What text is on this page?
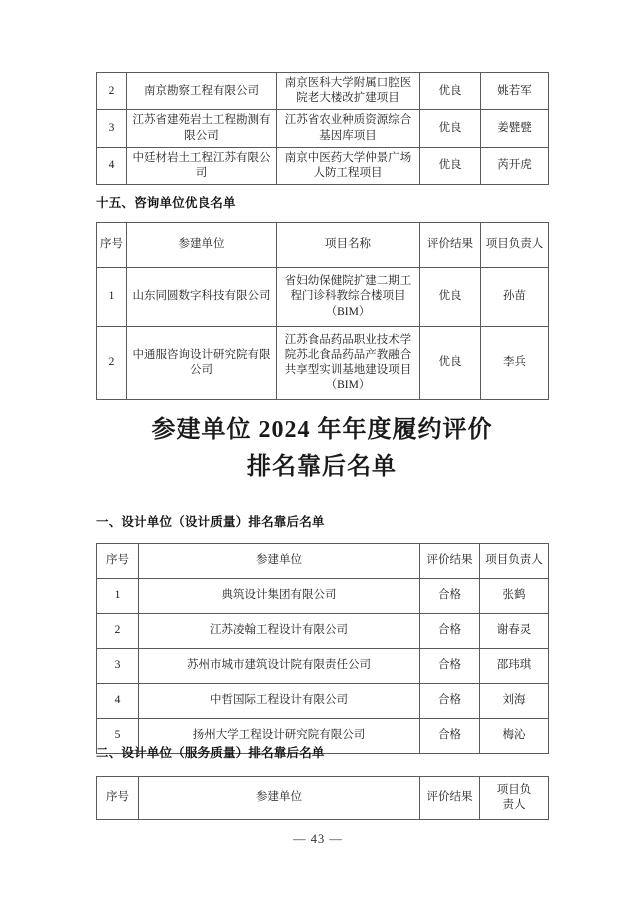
2	南京勘察工程有限公司	南京医科大学附属口腔医院老大楼改扩建项目	优良	姚若军
3	江苏省建苑岩土工程勘测有限公司	江苏省农业种质资源综合基因库项目	优良	姜甓甓
4	中廷材岩土工程江苏有限公司	南京中医药大学仲景广场人防工程项目	优良	芮开虎
十五、咨询单位优良名单
序号	参建单位	项目名称	评价结果	项目负责人
1	山东同圆数字科技有限公司	省妇幼保健院扩建二期工程门诊科教综合楼项目（BIM）	优良	孙苗
2	中通服咨询设计研究院有限公司	江苏食品药品职业技术学院苏北食品药品产教融合共享型实训基地建设项目（BIM）	优良	李兵
参建单位 2024 年年度履约评价
排名靠后名单
一、设计单位（设计质量）排名靠后名单
序号	参建单位	评价结果	项目负责人
1	典筑设计集团有限公司	合格	张鹤
2	江苏凌翰工程设计有限公司	合格	谢春灵
3	苏州市城市建筑设计院有限责任公司	合格	邵玮琪
4	中哲国际工程设计有限公司	合格	刘海
5	扬州大学工程设计研究院有限公司	合格	梅沁
二、设计单位（服务质量）排名靠后名单
序号	参建单位	评价结果	项目负责人
— 43 —
